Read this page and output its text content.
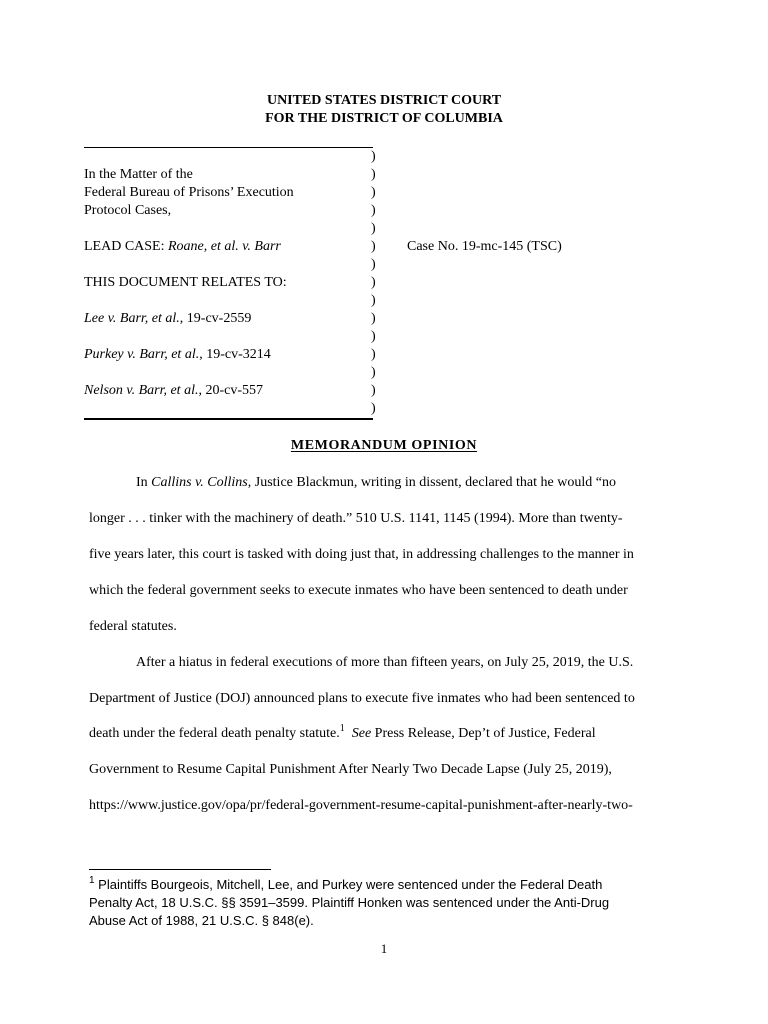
UNITED STATES DISTRICT COURT
FOR THE DISTRICT OF COLUMBIA
In the Matter of the
Federal Bureau of Prisons’ Execution
Protocol Cases,
LEAD CASE: Roane, et al. v. Barr
THIS DOCUMENT RELATES TO:
Lee v. Barr, et al., 19-cv-2559
Purkey v. Barr, et al., 19-cv-3214
Nelson v. Barr, et al., 20-cv-557
)
)
)
)
)
)
)
)
)
)
)
)
)
)
)
Case No. 19-mc-145 (TSC)
MEMORANDUM OPINION
In Callins v. Collins, Justice Blackmun, writing in dissent, declared that he would “no
longer . . . tinker with the machinery of death.” 510 U.S. 1141, 1145 (1994). More than twenty-
five years later, this court is tasked with doing just that, in addressing challenges to the manner in
which the federal government seeks to execute inmates who have been sentenced to death under
federal statutes.
After a hiatus in federal executions of more than fifteen years, on July 25, 2019, the U.S.
Department of Justice (DOJ) announced plans to execute five inmates who had been sentenced to
death under the federal death penalty statute.$^1$ See Press Release, Dep’t of Justice, Federal
Government to Resume Capital Punishment After Nearly Two Decade Lapse (July 25, 2019),
https://www.justice.gov/opa/pr/federal-government-resume-capital-punishment-after-nearly-two-
$^1$ Plaintiffs Bourgeois, Mitchell, Lee, and Purkey were sentenced under the Federal Death
Penalty Act, 18 U.S.C. §§ 3591–3599. Plaintiff Honken was sentenced under the Anti-Drug
Abuse Act of 1988, 21 U.S.C. § 848(e).
1
